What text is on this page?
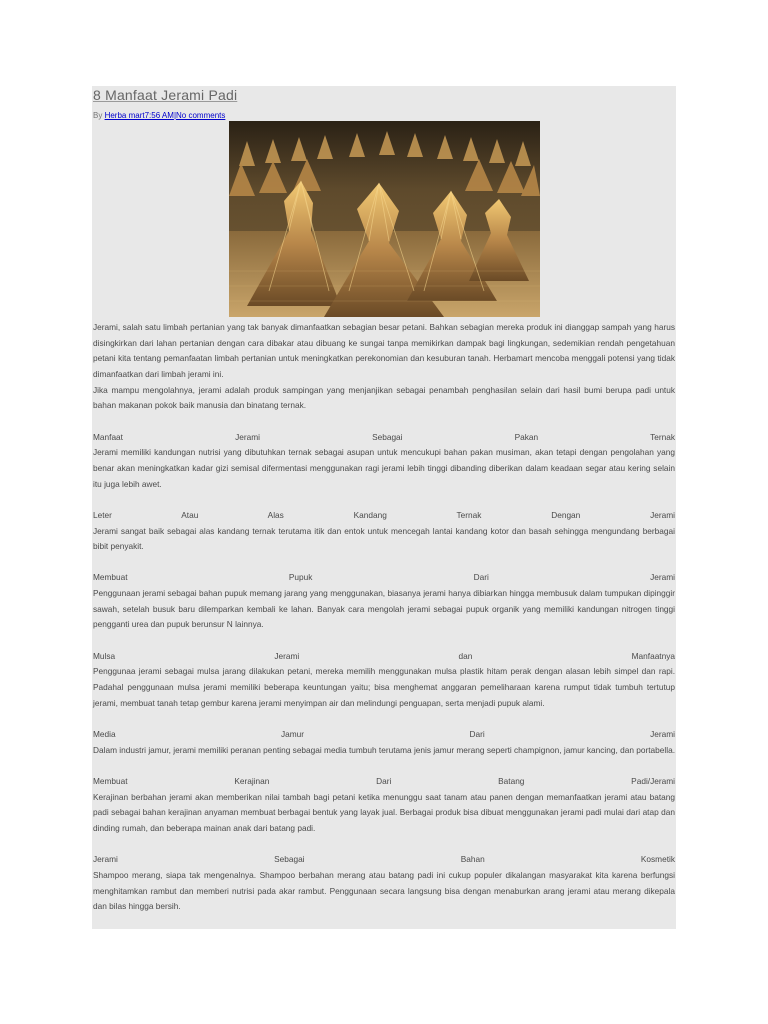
8 Manfaat Jerami Padi
By Herba mart7:56 AM|No comments

Jerami, salah satu limbah pertanian yang tak banyak dimanfaatkan sebagian besar petani. Bahkan sebagian mereka produk ini dianggap sampah yang harus disingkirkan dari lahan pertanian dengan cara dibakar atau dibuang ke sungai tanpa memikirkan dampak bagi lingkungan, sedemikian rendah pengetahuan petani kita tentang pemanfaatan limbah pertanian untuk meningkatkan perekonomian dan kesuburan tanah. Herbamart mencoba menggali potensi yang tidak dimanfaatkan dari limbah jerami ini.

Jika mampu mengolahnya, jerami adalah produk sampingan yang menjanjikan sebagai penambah penghasilan selain dari hasil bumi berupa padi untuk bahan makanan pokok baik manusia dan binatang ternak.

Manfaat Jerami Sebagai Pakan Ternak

Jerami memiliki kandungan nutrisi yang dibutuhkan ternak sebagai asupan untuk mencukupi bahan pakan musiman, akan tetapi dengan pengolahan yang benar akan meningkatkan kadar gizi semisal difermentasi menggunakan ragi jerami lebih tinggi dibanding diberikan dalam keadaan segar atau kering selain itu juga lebih awet.

Leter Atau Alas Kandang Ternak Dengan Jerami

Jerami sangat baik sebagai alas kandang ternak terutama itik dan entok untuk mencegah lantai kandang kotor dan basah sehingga mengundang berbagai bibit penyakit.

Membuat Pupuk Dari Jerami

Penggunaan jerami sebagai bahan pupuk memang jarang yang menggunakan, biasanya jerami hanya dibiarkan hingga membusuk dalam tumpukan dipinggir sawah, setelah busuk baru dilemparkan kembali ke lahan. Banyak cara mengolah jerami sebagai pupuk organik yang memiliki kandungan nitrogen tinggi pengganti urea dan pupuk berunsur N lainnya.

Mulsa Jerami dan Manfaatnya

Penggunaa jerami sebagai mulsa jarang dilakukan petani, mereka memilih menggunakan mulsa plastik hitam perak dengan alasan lebih simpel dan rapi. Padahal penggunaan mulsa jerami memiliki beberapa keuntungan yaitu; bisa menghemat anggaran pemeliharaan karena rumput tidak tumbuh tertutup jerami, membuat tanah tetap gembur karena jerami menyimpan air dan melindungi penguapan, serta menjadi pupuk alami.

Media Jamur Dari Jerami

Dalam industri jamur, jerami memiliki peranan penting sebagai media tumbuh terutama jenis jamur merang seperti champignon, jamur kancing, dan portabella.

Membuat Kerajinan Dari Batang Padi/Jerami

Kerajinan berbahan jerami akan memberikan nilai tambah bagi petani ketika menunggu saat tanam atau panen dengan memanfaatkan jerami atau batang padi sebagai bahan kerajinan anyaman membuat berbagai bentuk yang layak jual. Berbagai produk bisa dibuat menggunakan jerami padi mulai dari atap dan dinding rumah, dan beberapa mainan anak dari batang padi.

Jerami Sebagai Bahan Kosmetik

Shampoo merang, siapa tak mengenalnya. Shampoo berbahan merang atau batang padi ini cukup populer dikalangan masyarakat kita karena berfungsi menghitamkan rambut dan memberi nutrisi pada akar rambut. Penggunaan secara langsung bisa dengan menaburkan arang jerami atau merang dikepala dan bilas hingga bersih.
